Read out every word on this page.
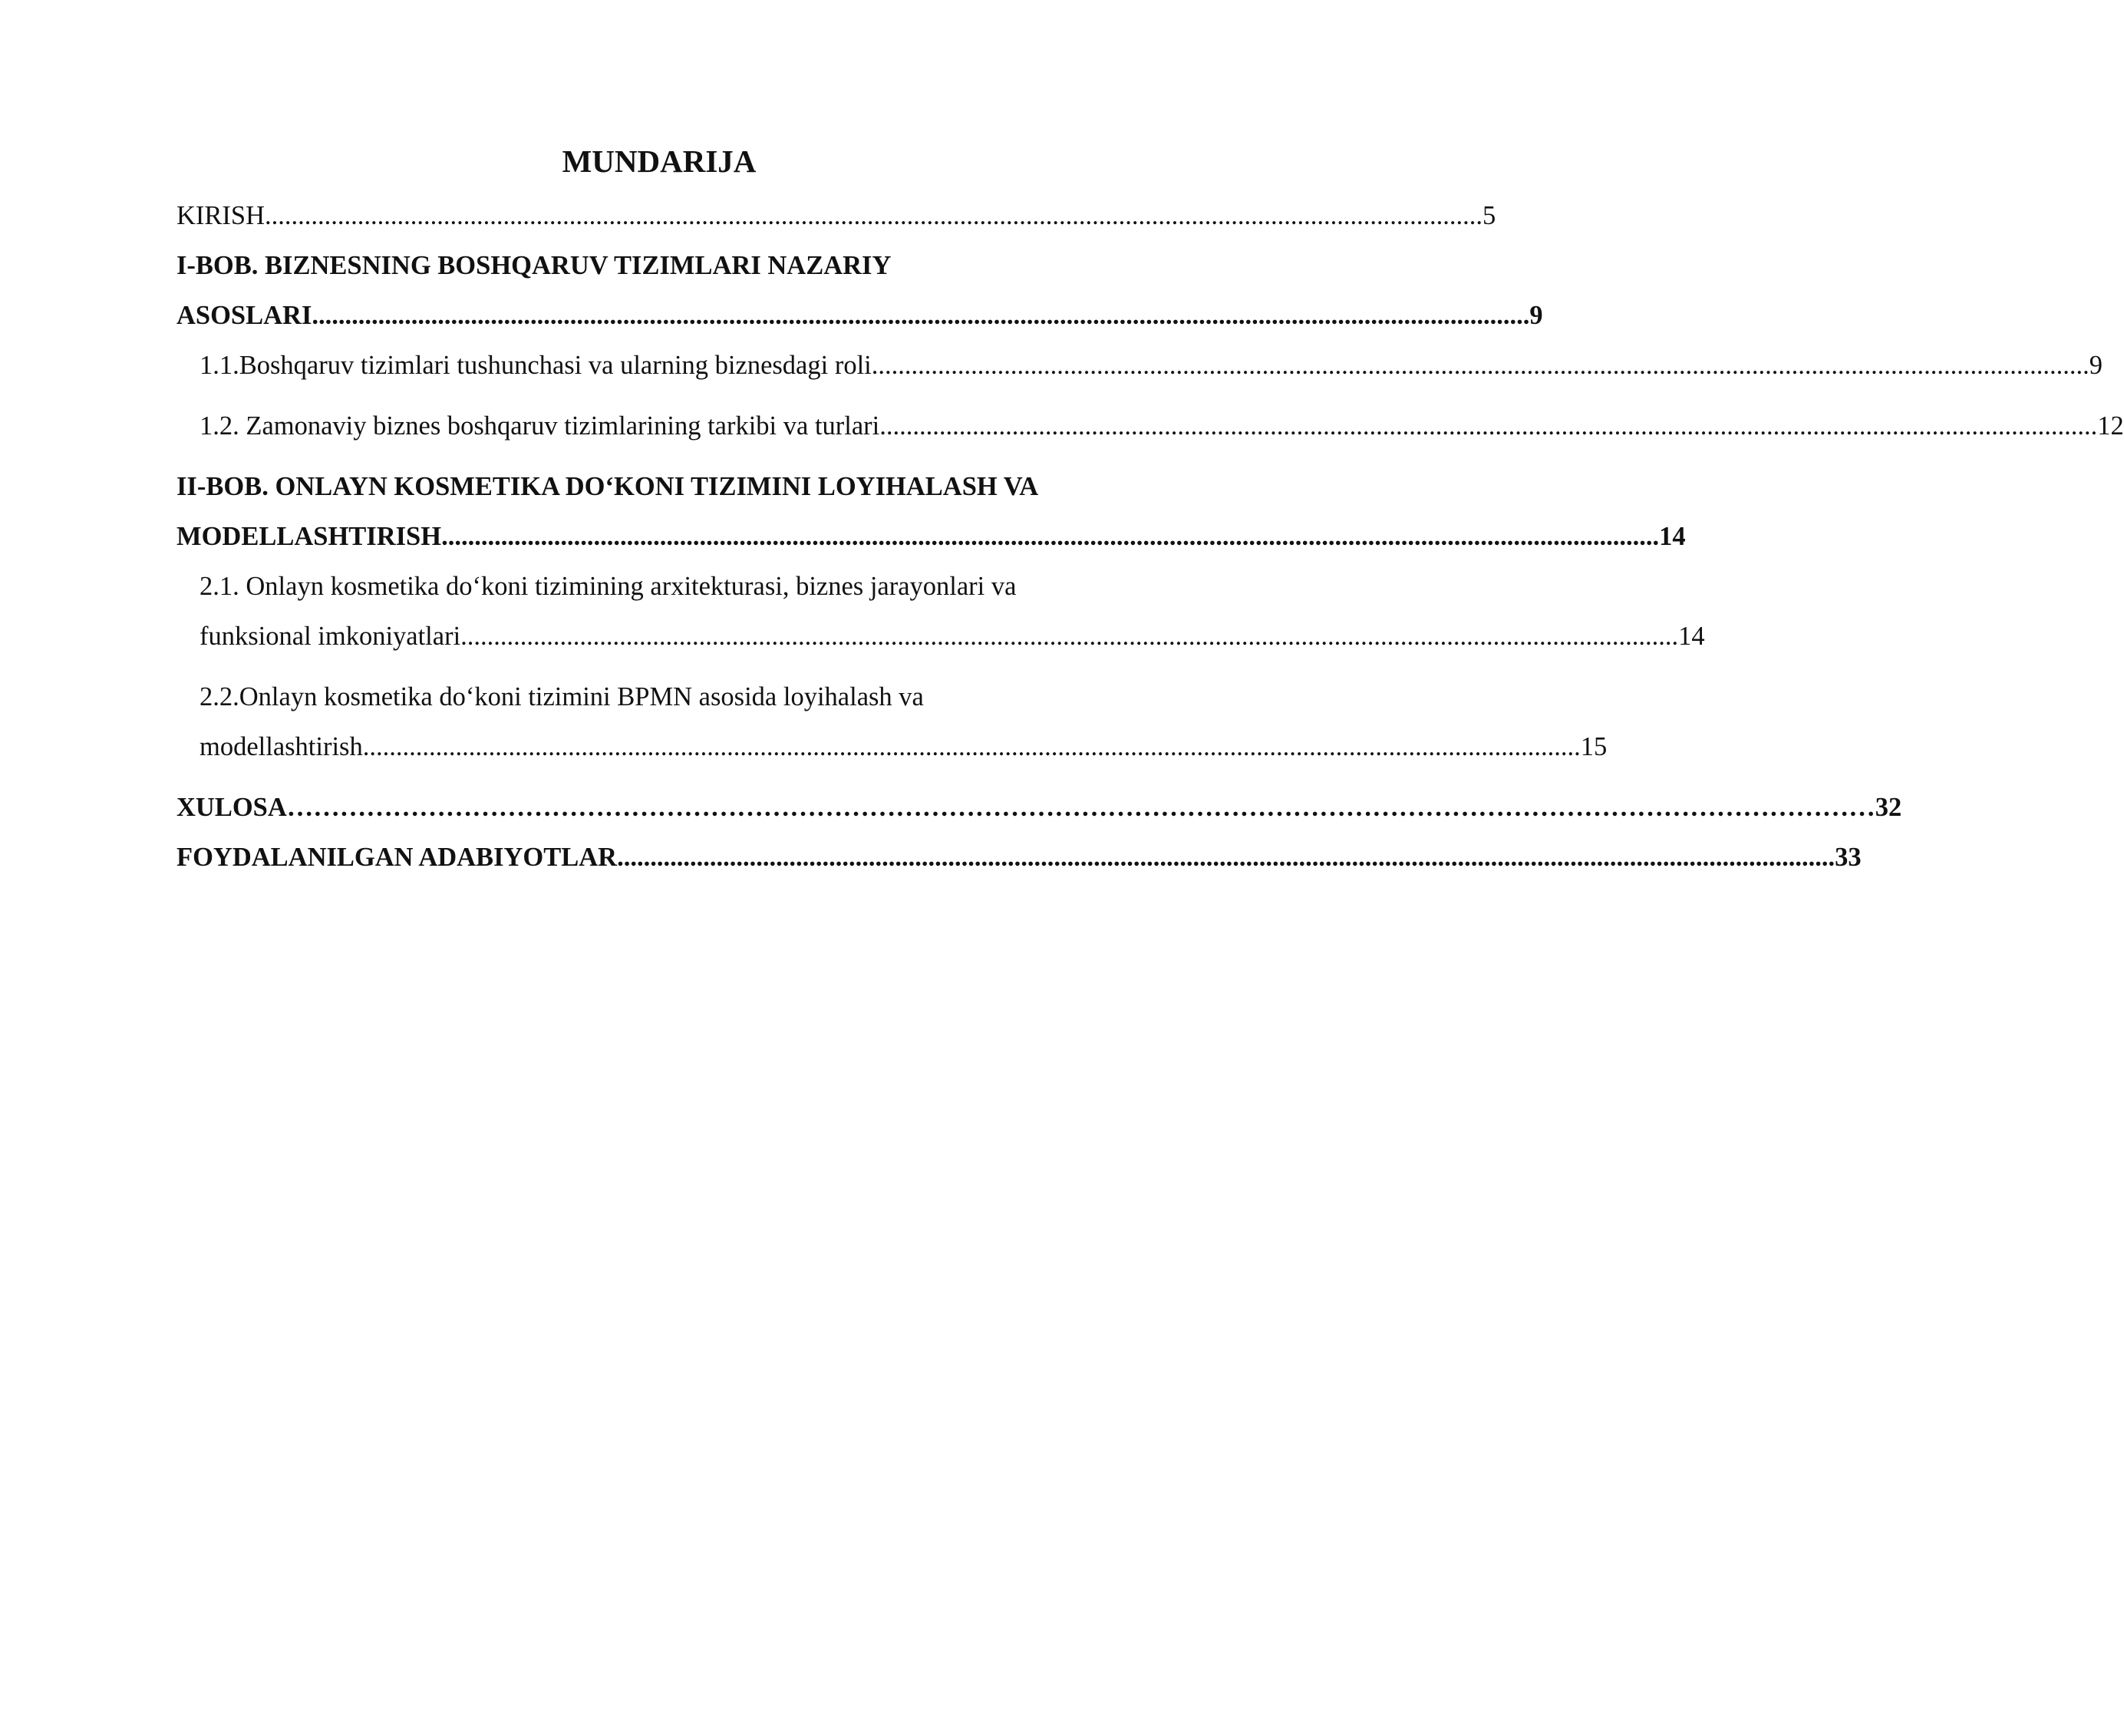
MUNDARIJA
KIRISH ........................................................................................................................................................................................ 5
I-BOB. BIZNESNING BOSHQARUV TIZIMLARI NAZARIY
ASOSLARI ........................................................................................................................................................................................ 9
1.1.Boshqaruv tizimlari tushunchasi va ularning biznesdagi roli ........................................................................................................................................................................................ 9
1.2. Zamonaviy biznes boshqaruv tizimlarining tarkibi va turlari ........................................................................................................................................................................................ 12
II-BOB. ONLAYN KOSMETIKA DO‘KONI TIZIMINI LOYIHALASH VA
MODELLASHTIRISH ........................................................................................................................................................................................ 14
2.1. Onlayn kosmetika do‘koni tizimining arxitekturasi, biznes jarayonlari va
funksional imkoniyatlari ........................................................................................................................................................................................ 14
2.2.Onlayn kosmetika do‘koni tizimini BPMN asosida loyihalash va
modellashtirish ........................................................................................................................................................................................ 15
XULOSA ……………………………………………………………………………………………………………………………………………………………… 32
FOYDALANILGAN ADABIYOTLAR ........................................................................................................................................................................................ 33
